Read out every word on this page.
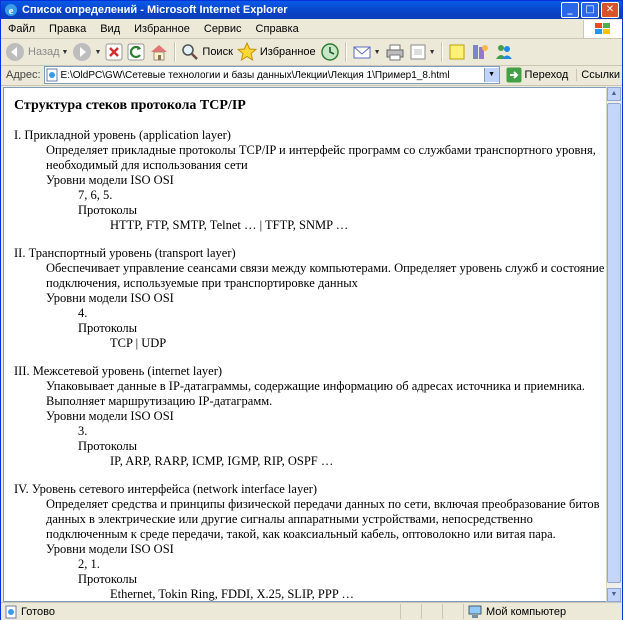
e Список определений - Microsoft Internet Explorer	_	□	✕
Файл	Правка	Вид	Избранное	Сервис	Справка
Назад ▼	▼	Поиск Избранное	▼	▼
Адрес:	E:\OldPC\GW\Сетевые технологии и базы данных\Лекции\Лекция 1\Пример1_8.html	▼	Переход	Ссылки
Структура стеков протокола TCP/IP
I. Прикладной уровень (application layer)
Определяет прикладные протоколы TCP/IP и интерфейс программ со службами транспортного уровня, необходимый для использования сети
Уровни модели ISO OSI
7, 6, 5.
Протоколы
HTTP, FTP, SMTP, Telnet … | TFTP, SNMP …
II. Транспортный уровень (transport layer)
Обеспечивает управление сеансами связи между компьютерами. Определяет уровень служб и состояние подключения, используемые при транспортировке данных
Уровни модели ISO OSI
4.
Протоколы
TCP | UDP
III. Межсетевой уровень (internet layer)
Упаковывает данные в IP-датаграммы, содержащие информацию об адресах источника и приемника. Выполняет маршрутизацию IP-датаграмм.
Уровни модели ISO OSI
3.
Протоколы
IP, ARP, RARP, ICMP, IGMP, RIP, OSPF …
IV. Уровень сетевого интерфейса (network interface layer)
Определяет средства и принципы физической передачи данных по сети, включая преобразование битов данных в электрические или другие сигналы аппаратными устройствами, непосредственно подключенным к среде передачи, такой, как коаксиальный кабель, оптоволокно или витая пара.
Уровни модели ISO OSI
2, 1.
Протоколы
Ethernet, Tokin Ring, FDDI, X.25, SLIP, PPP …
▲
▼
Готово	Мой компьютер
